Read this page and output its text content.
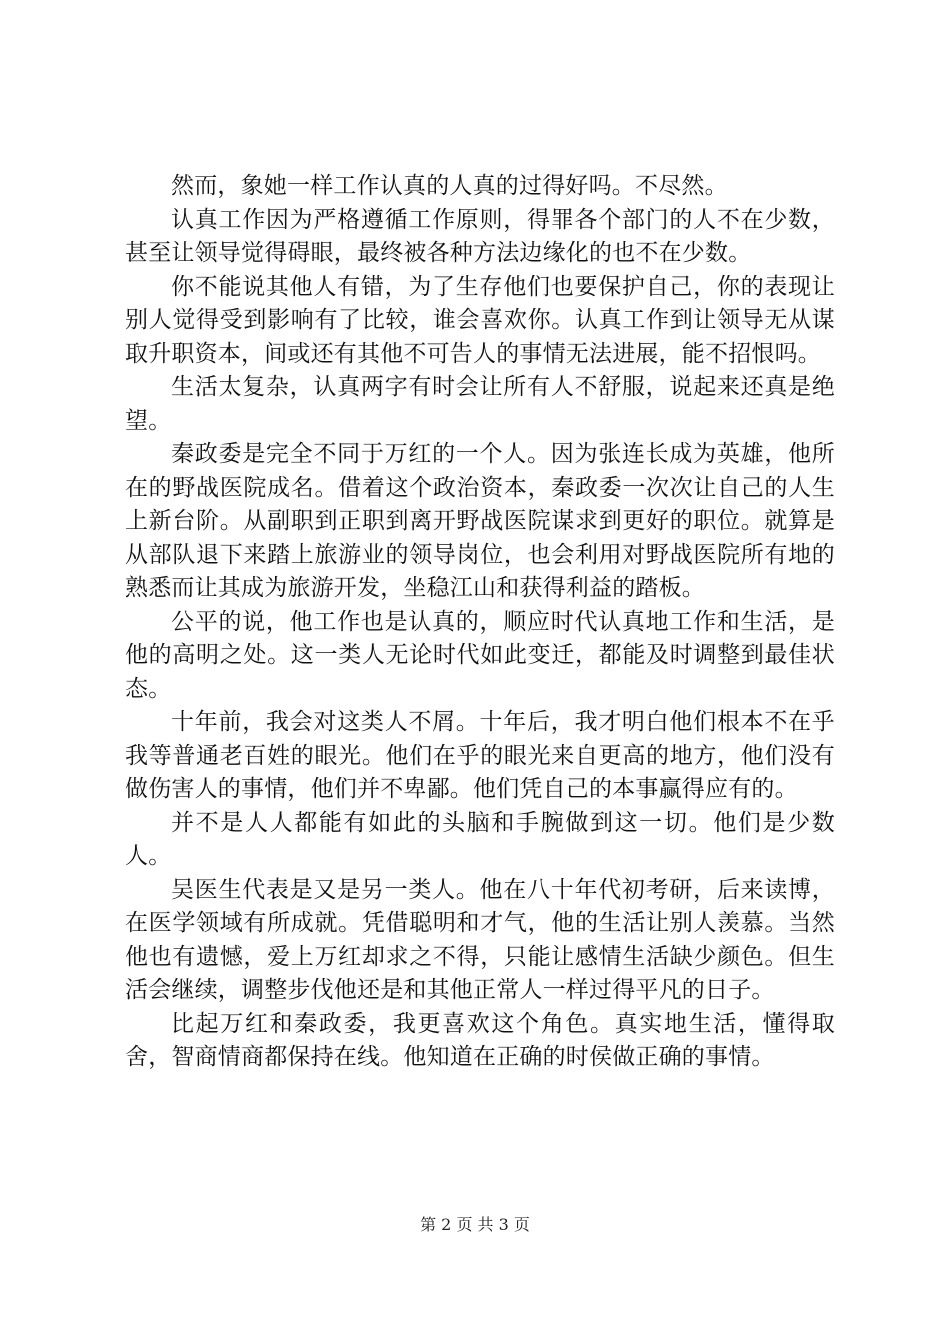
然而，象她一样工作认真的人真的过得好吗。不尽然。

认真工作因为严格遵循工作原则，得罪各个部门的人不在少数，甚至让领导觉得碍眼，最终被各种方法边缘化的也不在少数。

你不能说其他人有错，为了生存他们也要保护自己，你的表现让别人觉得受到影响有了比较，谁会喜欢你。认真工作到让领导无从谋取升职资本，间或还有其他不可告人的事情无法进展，能不招恨吗。

生活太复杂，认真两字有时会让所有人不舒服，说起来还真是绝望。

秦政委是完全不同于万红的一个人。因为张连长成为英雄，他所在的野战医院成名。借着这个政治资本，秦政委一次次让自己的人生上新台阶。从副职到正职到离开野战医院谋求到更好的职位。就算是从部队退下来踏上旅游业的领导岗位，也会利用对野战医院所有地的熟悉而让其成为旅游开发，坐稳江山和获得利益的踏板。

公平的说，他工作也是认真的，顺应时代认真地工作和生活，是他的高明之处。这一类人无论时代如此变迁，都能及时调整到最佳状态。

十年前，我会对这类人不屑。十年后，我才明白他们根本不在乎我等普通老百姓的眼光。他们在乎的眼光来自更高的地方，他们没有做伤害人的事情，他们并不卑鄙。他们凭自己的本事赢得应有的。

并不是人人都能有如此的头脑和手腕做到这一切。他们是少数人。

吴医生代表是又是另一类人。他在八十年代初考研，后来读博，在医学领域有所成就。凭借聪明和才气，他的生活让别人羡慕。当然他也有遗憾，爱上万红却求之不得，只能让感情生活缺少颜色。但生活会继续，调整步伐他还是和其他正常人一样过得平凡的日子。

比起万红和秦政委，我更喜欢这个角色。真实地生活，懂得取舍，智商情商都保持在线。他知道在正确的时侯做正确的事情。

第 2 页 共 3 页
